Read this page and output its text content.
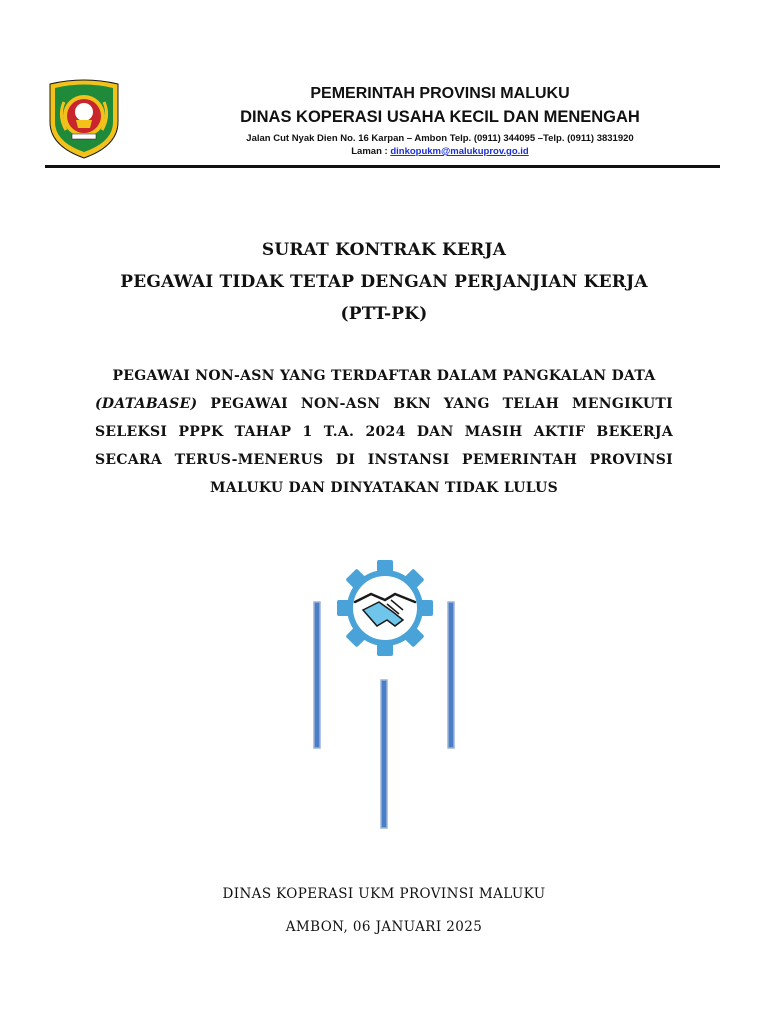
PEMERINTAH PROVINSI MALUKU
DINAS KOPERASI USAHA KECIL DAN MENENGAH
Jalan Cut Nyak Dien No. 16 Karpan – Ambon Telp. (0911) 344095 –Telp. (0911) 3831920
Laman : dinkopukm@malukuprov.go.id
SURAT KONTRAK KERJA
PEGAWAI TIDAK TETAP DENGAN PERJANJIAN KERJA
(PTT-PK)
PEGAWAI NON-ASN YANG TERDAFTAR DALAM PANGKALAN DATA
(DATABASE) PEGAWAI NON-ASN BKN YANG TELAH MENGIKUTI
SELEKSI PPPK TAHAP 1 T.A. 2024 DAN MASIH AKTIF BEKERJA
SECARA TERUS-MENERUS DI INSTANSI PEMERINTAH PROVINSI
MALUKU DAN DINYATAKAN TIDAK LULUS
DINAS KOPERASI UKM PROVINSI MALUKU
AMBON, 06 JANUARI 2025
